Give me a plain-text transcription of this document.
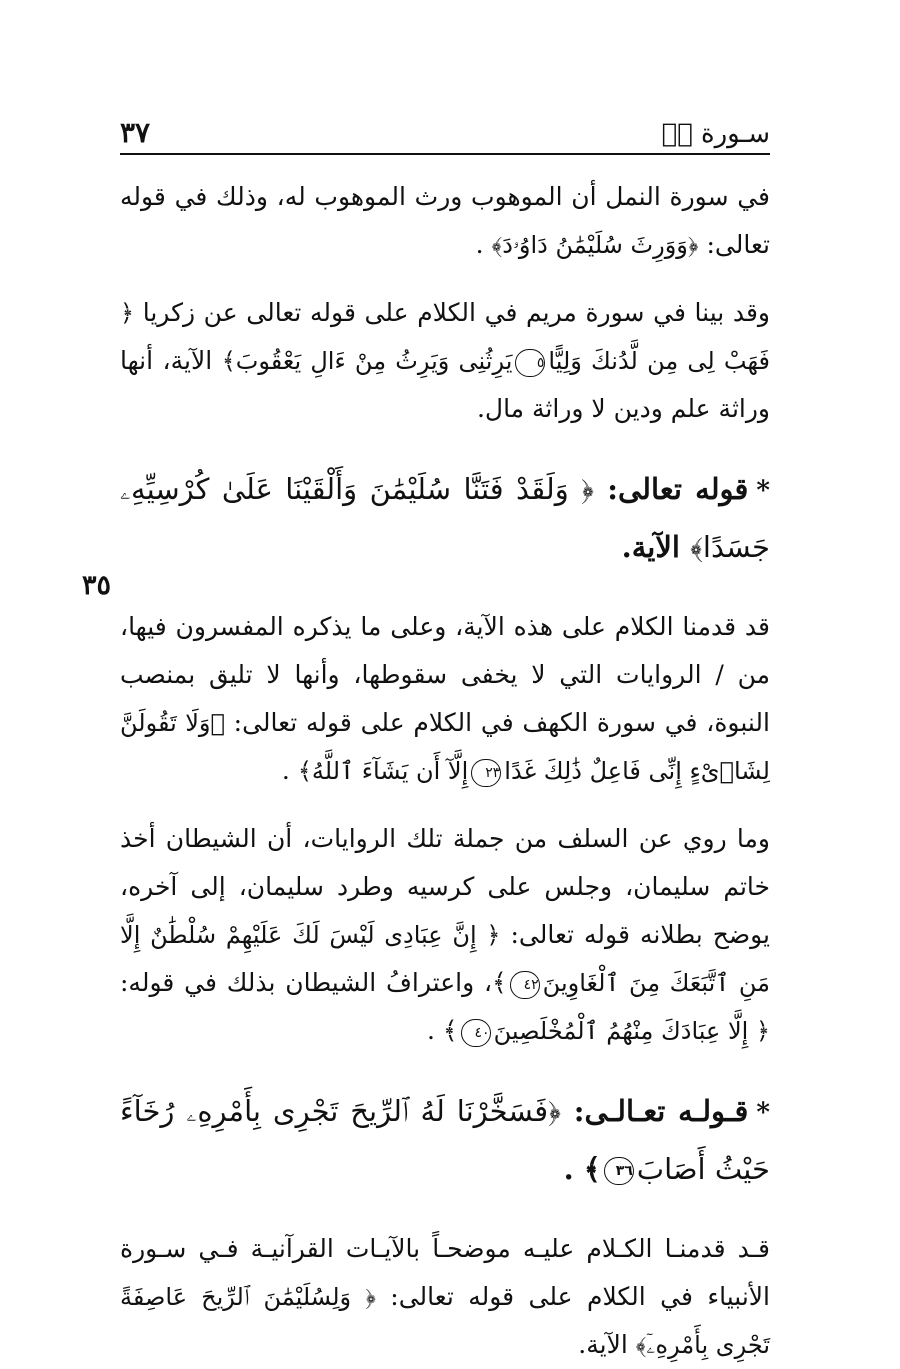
سـورة صۤ
٣٧

في سورة النمل أن الموهوب ورث الموهوب له، وذلك في قوله تعالى: ﴿وَوَرِثَ سُلَيْمَٰنُ دَاوُۥدَ﴾ .

وقد بينا في سورة مريم في الكلام على قوله تعالى عن زكريا ﴿ فَهَبْ لِى مِن لَّدُنكَ وَلِيًّا٥يَرِثُنِى وَيَرِثُ مِنْ ءَالِ يَعْقُوبَ﴾ الآية، أنها وراثة علم ودين لا وراثة مال.

*قوله تعالى: ﴿ وَلَقَدْ فَتَنَّا سُلَيْمَٰنَ وَأَلْقَيْنَا عَلَىٰ كُرْسِيِّهِۦ جَسَدًا﴾ الآية.

قد قدمنا الكلام على هذه الآية، وعلى ما يذكره المفسرون فيها، من / الروايات التي لا يخفى سقوطها، وأنها لا تليق بمنصب النبوة، في سورة الكهف في الكلام على قوله تعالى: ﴿وَلَا تَقُولَنَّ لِشَا۟ىْءٍ إِنِّى فَاعِلٌ ذَٰلِكَ غَدًا٢٣إِلَّآ أَن يَشَآءَ ٱللَّهُ﴾ .

وما روي عن السلف من جملة تلك الروايات، أن الشيطان أخذ خاتم سليمان، وجلس على كرسيه وطرد سليمان، إلى آخره، يوضح بطلانه قوله تعالى: ﴿ إِنَّ عِبَادِى لَيْسَ لَكَ عَلَيْهِمْ سُلْطَٰنٌ إِلَّا مَنِ ٱتَّبَعَكَ مِنَ ٱلْغَاوِينَ٤٢﴾، واعترافُ الشيطان بذلك في قوله: ﴿ إِلَّا عِبَادَكَ مِنْهُمُ ٱلْمُخْلَصِينَ٤٠﴾ .

*قـولـه تعـالـى: ﴿فَسَخَّرْنَا لَهُ ٱلرِّيحَ تَجْرِى بِأَمْرِهِۦ رُخَآءً حَيْثُ أَصَابَ٣٦﴾ .

قـد قدمنـا الكـلام عليـه موضحـاً بالآيـات القرآنيـة فـي سـورة الأنبياء في الكلام على قوله تعالى: ﴿ وَلِسُلَيْمَٰنَ ٱلرِّيحَ عَاصِفَةً تَجْرِى بِأَمْرِهِۦٓ﴾ الآية.

٣٥
